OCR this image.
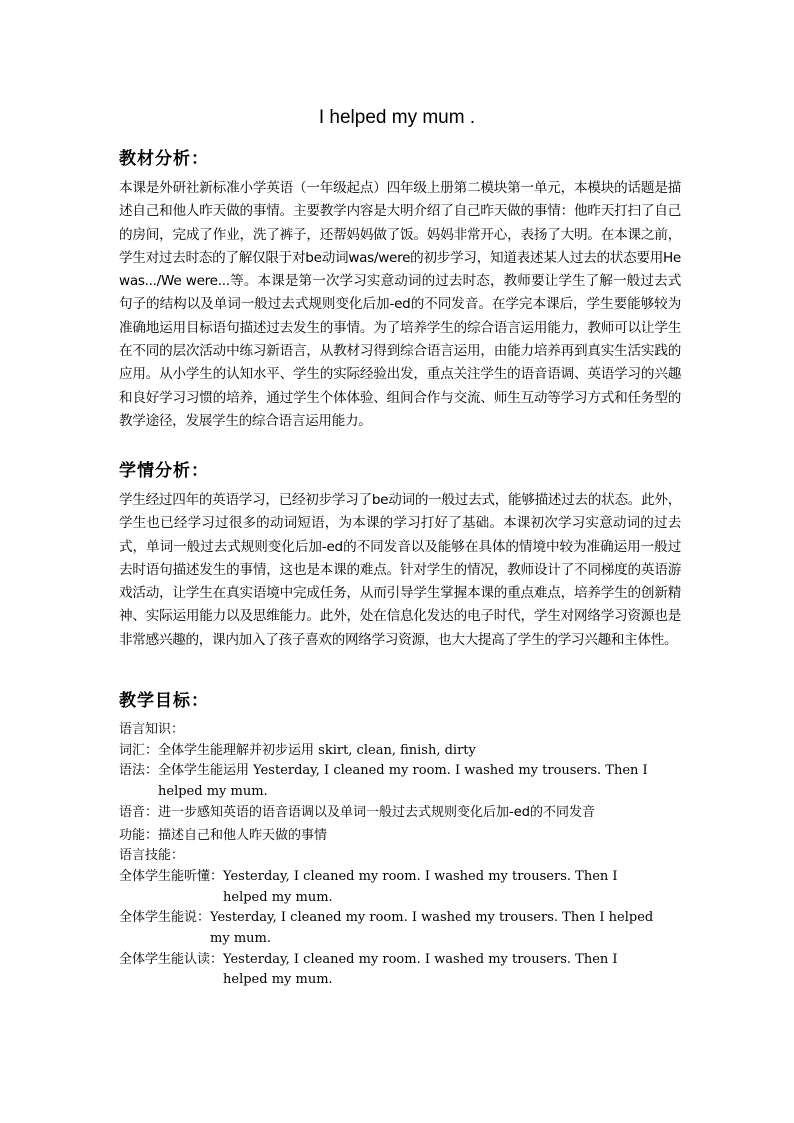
I helped my mum .
教材分析：

本课是外研社新标准小学英语（一年级起点）四年级上册第二模块第一单元，本模块的话题是描述自己和他人昨天做的事情。主要教学内容是大明介绍了自己昨天做的事情：他昨天打扫了自己的房间，完成了作业，洗了裤子，还帮妈妈做了饭。妈妈非常开心，表扬了大明。在本课之前，学生对过去时态的了解仅限于对be动词was/were的初步学习，知道表述某人过去的状态要用He was.../We were...等。本课是第一次学习实意动词的过去时态，教师要让学生了解一般过去式句子的结构以及单词一般过去式规则变化后加-ed的不同发音。在学完本课后，学生要能够较为准确地运用目标语句描述过去发生的事情。为了培养学生的综合语言运用能力，教师可以让学生在不同的层次活动中练习新语言，从教材习得到综合语言运用，由能力培养再到真实生活实践的应用。从小学生的认知水平、学生的实际经验出发，重点关注学生的语音语调、英语学习的兴趣和良好学习习惯的培养，通过学生个体体验、组间合作与交流、师生互动等学习方式和任务型的教学途径，发展学生的综合语言运用能力。

学情分析：

学生经过四年的英语学习，已经初步学习了be动词的一般过去式，能够描述过去的状态。此外，学生也已经学习过很多的动词短语，为本课的学习打好了基础。本课初次学习实意动词的过去式，单词一般过去式规则变化后加-ed的不同发音以及能够在具体的情境中较为准确运用一般过去时语句描述发生的事情，这也是本课的难点。针对学生的情况，教师设计了不同梯度的英语游戏活动，让学生在真实语境中完成任务，从而引导学生掌握本课的重点难点，培养学生的创新精神、实际运用能力以及思维能力。此外，处在信息化发达的电子时代，学生对网络学习资源也是非常感兴趣的，课内加入了孩子喜欢的网络学习资源，也大大提高了学生的学习兴趣和主体性。

教学目标：
语言知识：
词汇： 全体学生能理解并初步运用 skirt, clean, finish, dirty
语法： 全体学生能运用 Yesterday, I cleaned my room. I washed my trousers. Then I helped my mum.
语音： 进一步感知英语的语音语调以及单词一般过去式规则变化后加-ed的不同发音
功能：描述自己和他人昨天做的事情
语言技能：
全体学生能听懂： Yesterday, I cleaned my room. I washed my trousers. Then I helped my mum.
全体学生能说： Yesterday, I cleaned my room. I washed my trousers. Then I helped my mum.
全体学生能认读： Yesterday, I cleaned my room. I washed my trousers. Then I helped my mum.
